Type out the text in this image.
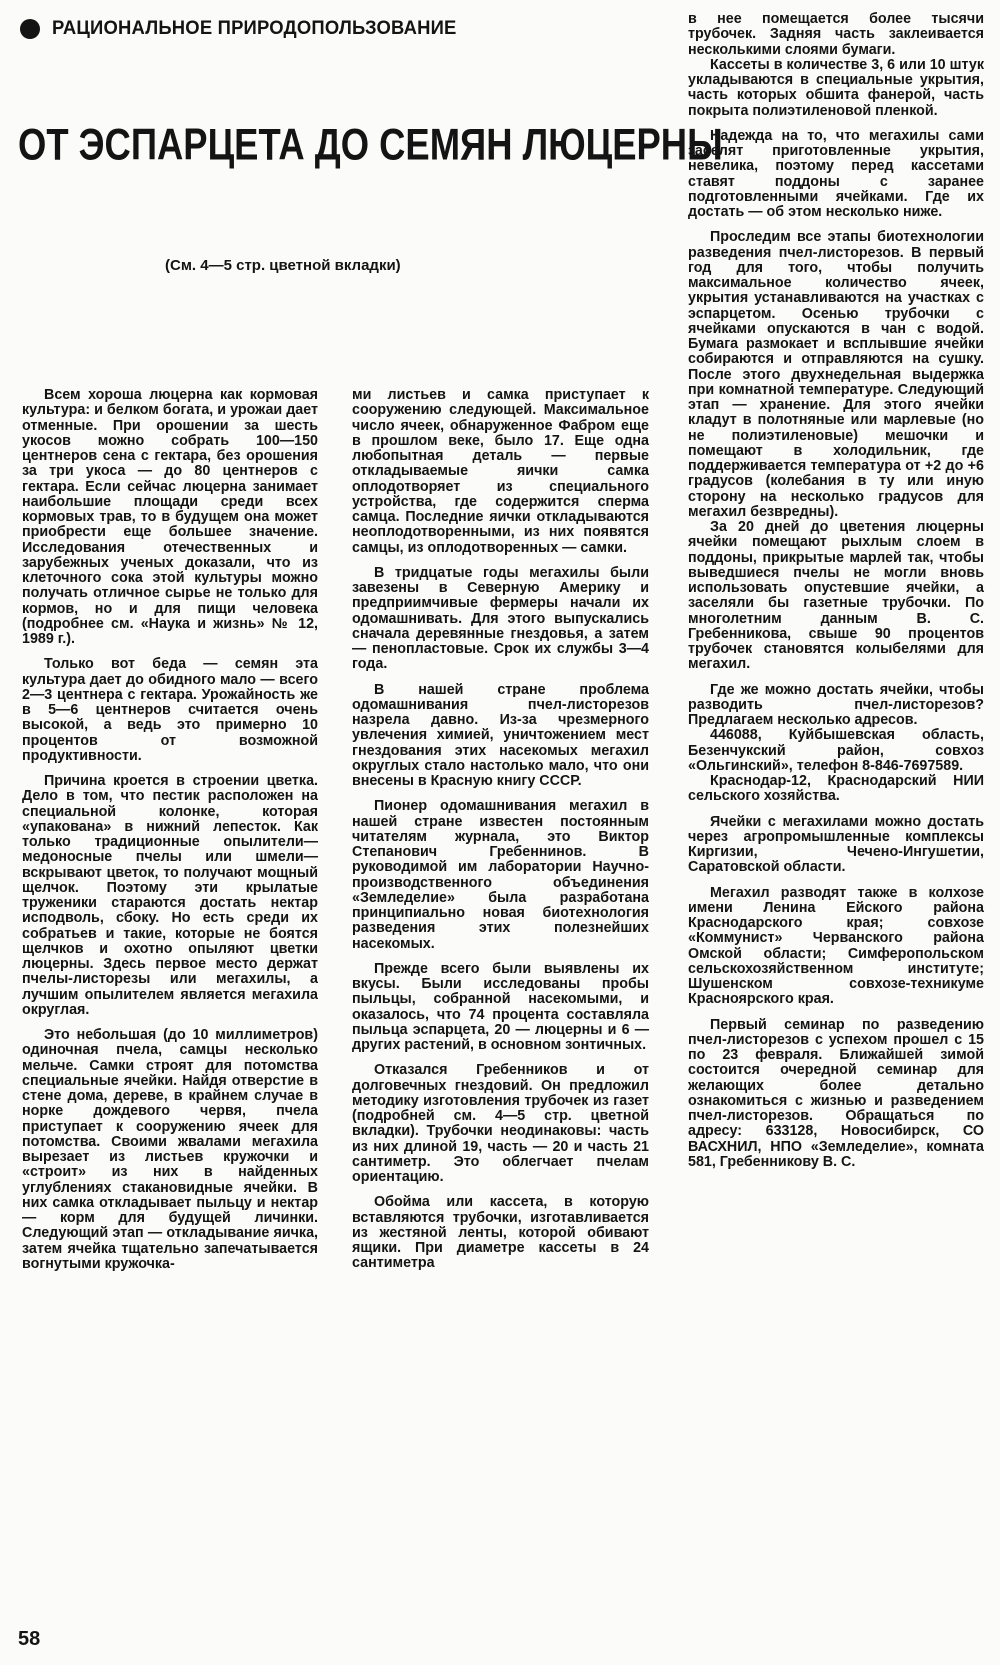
РАЦИОНАЛЬНОЕ ПРИРОДОПОЛЬЗОВАНИЕ
ОТ ЭСПАРЦЕТА ДО СЕМЯН ЛЮЦЕРНЫ
(См. 4—5 стр. цветной вкладки)

Всем хороша люцерна как кормовая культура: и белком богата, и урожаи дает отменные. При орошении за шесть укосов можно собрать 100—150 центнеров сена с гектара, без орошения за три укоса — до 80 центнеров с гектара. Если сейчас люцерна занимает наибольшие площади среди всех кормовых трав, то в будущем она может приобрести еще большее значение. Исследования отечественных и зарубежных ученых доказали, что из клеточного сока этой культуры можно получать отличное сырье не только для кормов, но и для пищи человека (подробнее см. «Наука и жизнь» № 12, 1989 г.).

Только вот беда — семян эта культура дает до обидного мало — всего 2—3 центнера с гектара. Урожайность же в 5—6 центнеров считается очень высокой, а ведь это примерно 10 процентов от возможной продуктивности.

Причина кроется в строении цветка. Дело в том, что пестик расположен на специальной колонке, которая «упакована» в нижний лепесток. Как только традиционные опылители—медоносные пчелы или шмели—вскрывают цветок, то получают мощный щелчок. Поэтому эти крылатые труженики стараются достать нектар исподволь, сбоку. Но есть среди их собратьев и такие, которые не боятся щелчков и охотно опыляют цветки люцерны. Здесь первое место держат пчелы-листорезы или мегахилы, а лучшим опылителем является мегахила округлая.

Это небольшая (до 10 миллиметров) одиночная пчела, самцы несколько мельче. Самки строят для потомства специальные ячейки. Найдя отверстие в стене дома, дереве, в крайнем случае в норке дождевого червя, пчела приступает к сооружению ячеек для потомства. Своими жвалами мегахила вырезает из листьев кружочки и «строит» из них в найденных углублениях стакановидные ячейки. В них самка откладывает пыльцу и нектар — корм для будущей личинки. Следующий этап — откладывание яичка, затем ячейка тщательно запечатывается вогнутыми кружочка-

ми листьев и самка приступает к сооружению следующей. Максимальное число ячеек, обнаруженное Фабром еще в прошлом веке, было 17. Еще одна любопытная деталь — первые откладываемые яички самка оплодотворяет из специального устройства, где содержится сперма самца. Последние яички откладываются неоплодотворенными, из них появятся самцы, из оплодотворенных — самки.

В тридцатые годы мегахилы были завезены в Северную Америку и предприимчивые фермеры начали их одомашнивать. Для этого выпускались сначала деревянные гнездовья, а затем — пенопластовые. Срок их службы 3—4 года.

В нашей стране проблема одомашнивания пчел-листорезов назрела давно. Из-за чрезмерного увлечения химией, уничтожением мест гнездования этих насекомых мегахил округлых стало настолько мало, что они внесены в Красную книгу СССР.

Пионер одомашнивания мегахил в нашей стране известен постоянным читателям журнала, это Виктор Степанович Гребеннинов. В руководимой им лаборатории Научно-производственного объединения «Земледелие» была разработана принципиально новая биотехнология разведения этих полезнейших насекомых.

Прежде всего были выявлены их вкусы. Были исследованы пробы пыльцы, собранной насекомыми, и оказалось, что 74 процента составляла пыльца эспарцета, 20 — люцерны и 6 — других растений, в основном зонтичных.

Отказался Гребенников и от долговечных гнездовий. Он предложил методику изготовления трубочек из газет (подробней см. 4—5 стр. цветной вкладки). Трубочки неодинаковы: часть из них длиной 19, часть — 20 и часть 21 сантиметр. Это облегчает пчелам ориентацию.

Обойма или кассета, в которую вставляются трубочки, изготавливается из жестяной ленты, которой обивают ящики. При диаметре кассеты в 24 сантиметра

в нее помещается более тысячи трубочек. Задняя часть заклеивается несколькими слоями бумаги.

Кассеты в количестве 3, 6 или 10 штук укладываются в специальные укрытия, часть которых обшита фанерой, часть покрыта полиэтиленовой пленкой.

Надежда на то, что мегахилы сами заселят приготовленные укрытия, невелика, поэтому перед кассетами ставят поддоны с заранее подготовленными ячейками. Где их достать — об этом несколько ниже.

Проследим все этапы биотехнологии разведения пчел-листорезов. В первый год для того, чтобы получить максимальное количество ячеек, укрытия устанавливаются на участках с эспарцетом. Осенью трубочки с ячейками опускаются в чан с водой. Бумага размокает и всплывшие ячейки собираются и отправляются на сушку. После этого двухнедельная выдержка при комнатной температуре. Следующий этап — хранение. Для этого ячейки кладут в полотняные или марлевые (но не полиэтиленовые) мешочки и помещают в холодильник, где поддерживается температура от +2 до +6 градусов (колебания в ту или иную сторону на несколько градусов для мегахил безвредны).

За 20 дней до цветения люцерны ячейки помещают рыхлым слоем в поддоны, прикрытые марлей так, чтобы выведшиеся пчелы не могли вновь использовать опустевшие ячейки, а заселяли бы газетные трубочки. По многолетним данным В. С. Гребенникова, свыше 90 процентов трубочек становятся колыбелями для мегахил.

Где же можно достать ячейки, чтобы разводить пчел-листорезов? Предлагаем несколько адресов.

446088, Куйбышевская область, Безенчукский район, совхоз «Ольгинский», телефон 8-846-7697589.

Краснодар-12, Краснодарский НИИ сельского хозяйства.

Ячейки с мегахилами можно достать через агропромышленные комплексы Киргизии, Чечено-Ингушетии, Саратовской области.

Мегахил разводят также в колхозе имени Ленина Ейского района Краснодарского края; совхозе «Коммунист» Черванского района Омской области; Симферопольском сельскохозяйственном институте; Шушенском совхозе-техникуме Красноярского края.

Первый семинар по разведению пчел-листорезов с успехом прошел с 15 по 23 февраля. Ближайшей зимой состоится очередной семинар для желающих более детально ознакомиться с жизнью и разведением пчел-листорезов. Обращаться по адресу: 633128, Новосибирск, СО ВАСХНИЛ, НПО «Земледелие», комната 581, Гребенникову В. С.

58
